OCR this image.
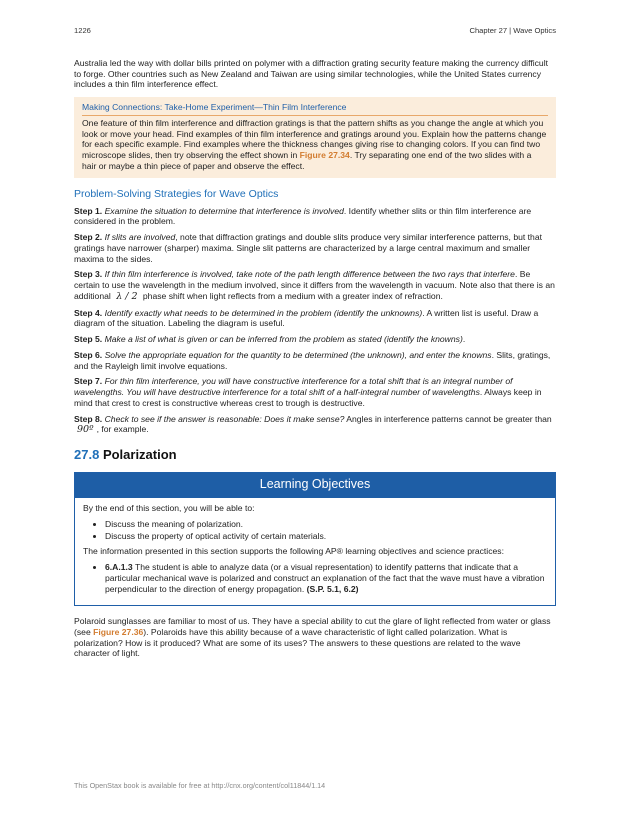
1226	Chapter 27 | Wave Optics

Australia led the way with dollar bills printed on polymer with a diffraction grating security feature making the currency difficult to forge. Other countries such as New Zealand and Taiwan are using similar technologies, while the United States currency includes a thin film interference effect.

Making Connections: Take-Home Experiment—Thin Film Interference
One feature of thin film interference and diffraction gratings is that the pattern shifts as you change the angle at which you look or move your head. Find examples of thin film interference and gratings around you. Explain how the patterns change for each specific example. Find examples where the thickness changes giving rise to changing colors. If you can find two microscope slides, then try observing the effect shown in Figure 27.34. Try separating one end of the two slides with a hair or maybe a thin piece of paper and observe the effect.
Problem-Solving Strategies for Wave Optics

Step 1. Examine the situation to determine that interference is involved. Identify whether slits or thin film interference are considered in the problem.

Step 2. If slits are involved, note that diffraction gratings and double slits produce very similar interference patterns, but that gratings have narrower (sharper) maxima. Single slit patterns are characterized by a large central maximum and smaller maxima to the sides.

Step 3. If thin film interference is involved, take note of the path length difference between the two rays that interfere. Be certain to use the wavelength in the medium involved, since it differs from the wavelength in vacuum. Note also that there is an additional λ / 2 phase shift when light reflects from a medium with a greater index of refraction.

Step 4. Identify exactly what needs to be determined in the problem (identify the unknowns). A written list is useful. Draw a diagram of the situation. Labeling the diagram is useful.

Step 5. Make a list of what is given or can be inferred from the problem as stated (identify the knowns).

Step 6. Solve the appropriate equation for the quantity to be determined (the unknown), and enter the knowns. Slits, gratings, and the Rayleigh limit involve equations.

Step 7. For thin film interference, you will have constructive interference for a total shift that is an integral number of wavelengths. You will have destructive interference for a total shift of a half-integral number of wavelengths. Always keep in mind that crest to crest is constructive whereas crest to trough is destructive.

Step 8. Check to see if the answer is reasonable: Does it make sense? Angles in interference patterns cannot be greater than 90º , for example.

27.8 Polarization
Learning Objectives

By the end of this section, you will be able to:

• Discuss the meaning of polarization.
• Discuss the property of optical activity of certain materials.

The information presented in this section supports the following AP® learning objectives and science practices:

• 6.A.1.3 The student is able to analyze data (or a visual representation) to identify patterns that indicate that a particular mechanical wave is polarized and construct an explanation of the fact that the wave must have a vibration perpendicular to the direction of energy propagation. (S.P. 5.1, 6.2)

Polaroid sunglasses are familiar to most of us. They have a special ability to cut the glare of light reflected from water or glass (see Figure 27.36). Polaroids have this ability because of a wave characteristic of light called polarization. What is polarization? How is it produced? What are some of its uses? The answers to these questions are related to the wave character of light.

This OpenStax book is available for free at http://cnx.org/content/col11844/1.14
